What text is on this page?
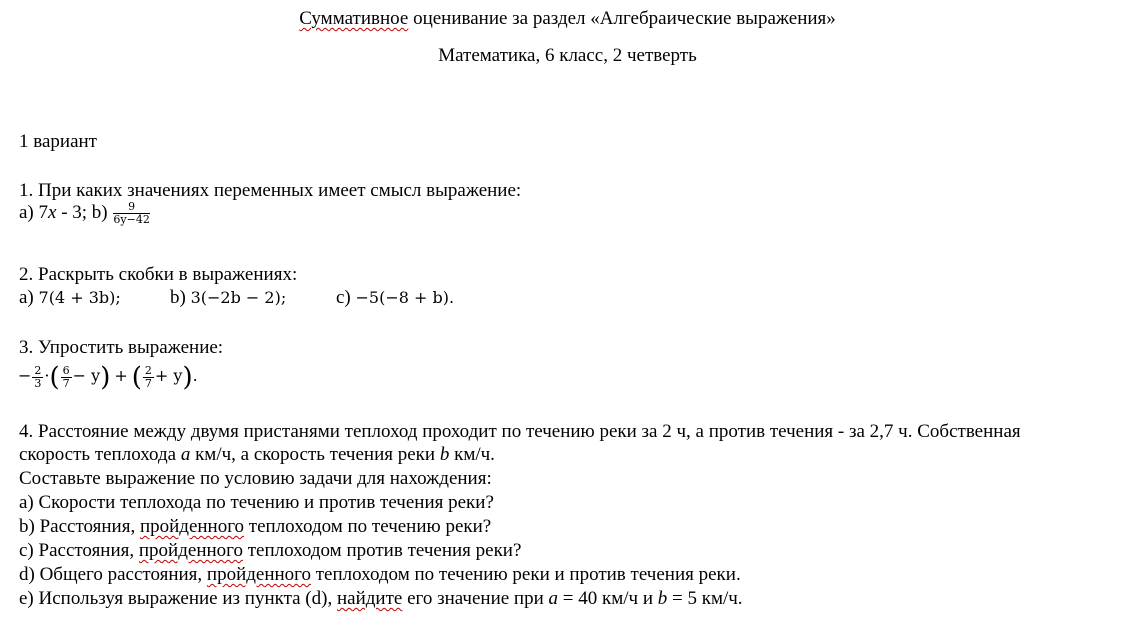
Суммативное оценивание за раздел «Алгебраические выражения»
Математика, 6 класс, 2 четверть
1 вариант
1. При каких значениях переменных имеет смысл выражение:
а) 7x - 3; $b) \frac{9}{6y-42}$
2. Раскрыть скобки в выражениях:
а) 7(4 + 3b);	b) 3(−2b − 2);	c) −5(−8 + b).
3. Упростить выражение:
− $\frac{2}{3}$ ·( $\frac{6}{7} - y$) + ( $\frac{2}{7} + y$).
4. Расстояние между двумя пристанями теплоход проходит по течению реки за 2 ч, а против течения - за 2,7 ч. Собственная
скорость теплохода a км/ч, а скорость течения реки b км/ч.
Составьте выражение по условию задачи для нахождения:
а) Скорости теплохода по течению и против течения реки?
b) Расстояния, пройденного теплоходом по течению реки?
c) Расстояния, пройденного теплоходом против течения реки?
d) Общего расстояния, пройденного теплоходом по течению реки и против течения реки.
e) Используя выражение из пункта (d), найдите его значение при a = 40 км/ч и b = 5 км/ч.
